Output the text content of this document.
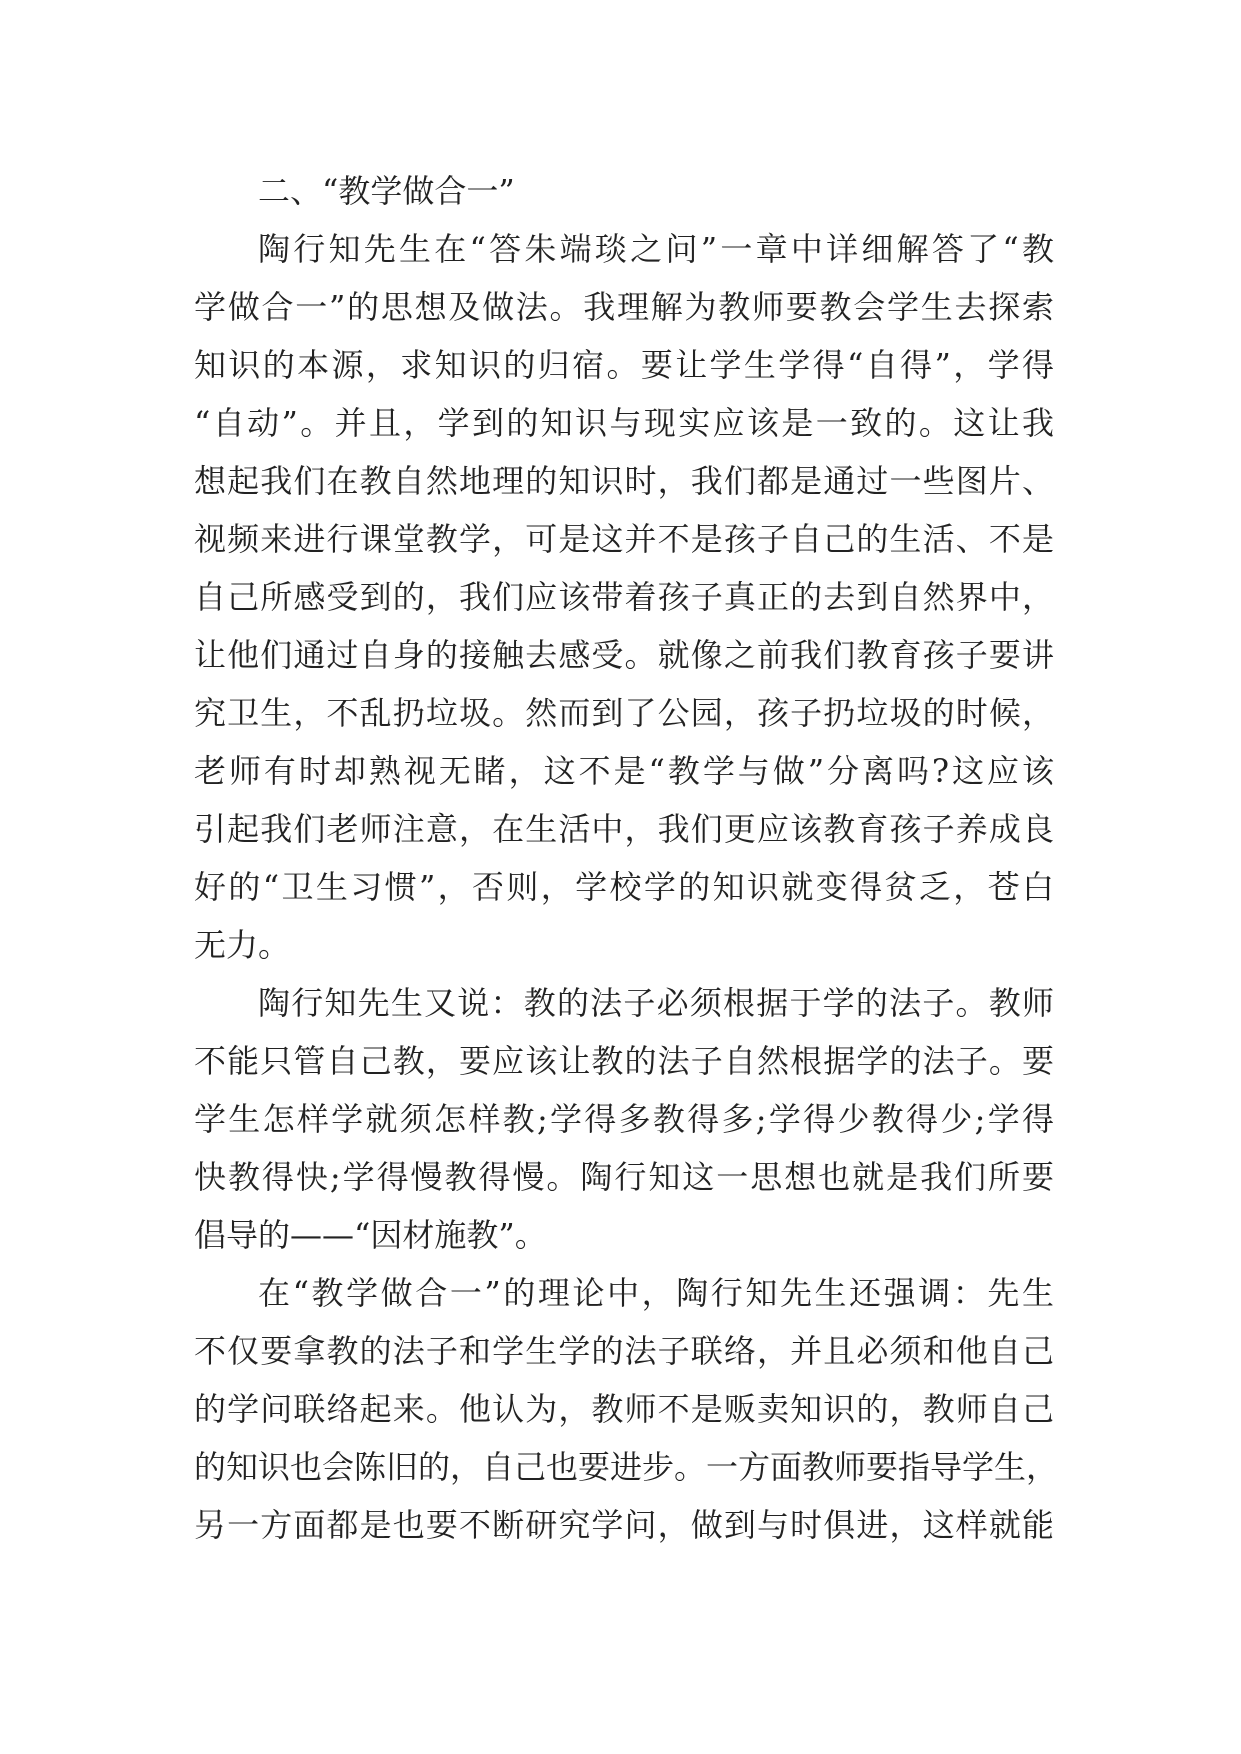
二、“教学做合一”
陶行知先生在“答朱端琰之问”一章中详细解答了“教
学做合一”的思想及做法。我理解为教师要教会学生去探索
知识的本源，求知识的归宿。要让学生学得“自得”，学得
“自动”。并且，学到的知识与现实应该是一致的。这让我
想起我们在教自然地理的知识时，我们都是通过一些图片、
视频来进行课堂教学，可是这并不是孩子自己的生活、不是
自己所感受到的，我们应该带着孩子真正的去到自然界中，
让他们通过自身的接触去感受。就像之前我们教育孩子要讲
究卫生，不乱扔垃圾。然而到了公园，孩子扔垃圾的时候，
老师有时却熟视无睹，这不是“教学与做”分离吗?这应该
引起我们老师注意，在生活中，我们更应该教育孩子养成良
好的“卫生习惯”，否则，学校学的知识就变得贫乏，苍白
无力。
陶行知先生又说：教的法子必须根据于学的法子。教师
不能只管自己教，要应该让教的法子自然根据学的法子。要
学生怎样学就须怎样教;学得多教得多;学得少教得少;学得
快教得快;学得慢教得慢。陶行知这一思想也就是我们所要
倡导的——“因材施教”。
在“教学做合一”的理论中，陶行知先生还强调：先生
不仅要拿教的法子和学生学的法子联络，并且必须和他自己
的学问联络起来。他认为，教师不是贩卖知识的，教师自己
的知识也会陈旧的，自己也要进步。一方面教师要指导学生，
另一方面都是也要不断研究学问，做到与时俱进，这样就能
